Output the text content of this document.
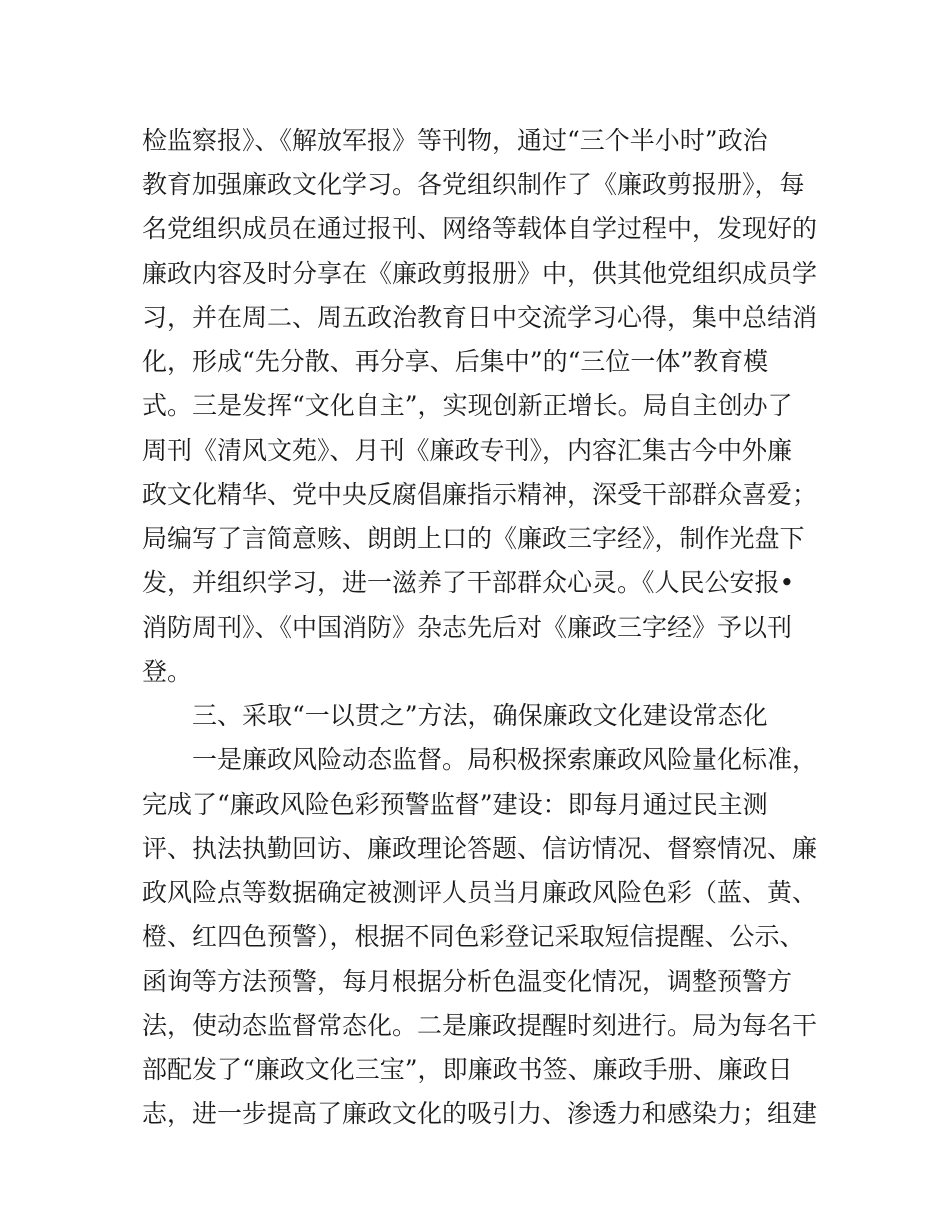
检监察报》、《解放军报》等刊物，通过“三个半小时”政治
教育加强廉政文化学习。各党组织制作了《廉政剪报册》，每
名党组织成员在通过报刊、网络等载体自学过程中，发现好的
廉政内容及时分享在《廉政剪报册》中，供其他党组织成员学
习，并在周二、周五政治教育日中交流学习心得，集中总结消
化，形成“先分散、再分享、后集中”的“三位一体”教育模
式。三是发挥“文化自主”，实现创新正增长。局自主创办了
周刊《清风文苑》、月刊《廉政专刊》，内容汇集古今中外廉
政文化精华、党中央反腐倡廉指示精神，深受干部群众喜爱；
局编写了言简意赅、朗朗上口的《廉政三字经》，制作光盘下
发，并组织学习，进一滋养了干部群众心灵。《人民公安报•
消防周刊》、《中国消防》杂志先后对《廉政三字经》予以刊
登。
三、采取“一以贯之”方法，确保廉政文化建设常态化
一是廉政风险动态监督。局积极探索廉政风险量化标准，
完成了“廉政风险色彩预警监督”建设：即每月通过民主测
评、执法执勤回访、廉政理论答题、信访情况、督察情况、廉
政风险点等数据确定被测评人员当月廉政风险色彩（蓝、黄、
橙、红四色预警），根据不同色彩登记采取短信提醒、公示、
函询等方法预警，每月根据分析色温变化情况，调整预警方
法，使动态监督常态化。二是廉政提醒时刻进行。局为每名干
部配发了“廉政文化三宝”，即廉政书签、廉政手册、廉政日
志，进一步提高了廉政文化的吸引力、渗透力和感染力；组建
